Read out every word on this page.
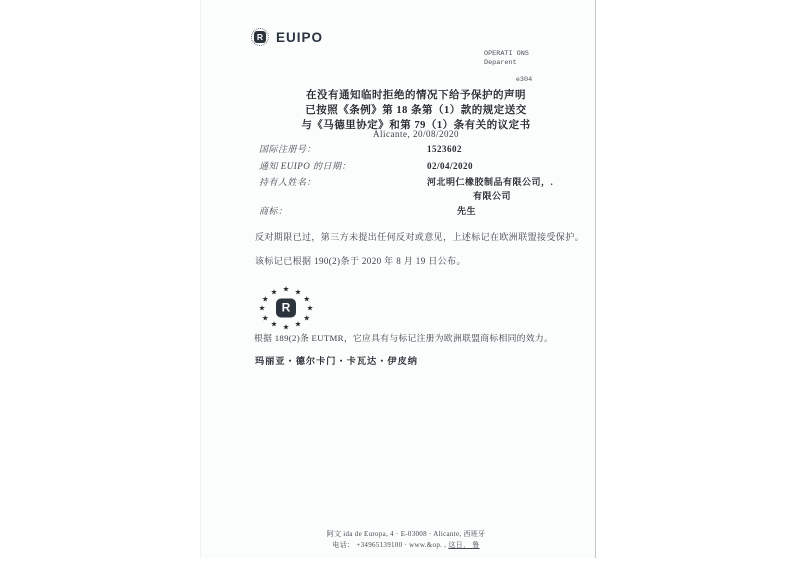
R EUIPO
OPERATI ONS Deparent
e304
在没有通知临时拒绝的情况下给予保护的声明
已按照《条例》第 18 条第（1）款的规定送交
与《马德里协定》和第 79（1）条有关的议定书
Alicante, 20/08/2020
国际注册号：	1523602
通知 EUIPO 的日期：	02/04/2020
持有人姓名：	河北明仁橡胶制品有限公司，.
有限公司
商标：	先生
反对期限已过，第三方未提出任何反对或意见，上述标记在欧洲联盟接受保护。
该标记已根据 190(2)条于 2020 年 8 月 19 日公布。
R
★ ★
★
★
★
★
★
★
★
★
★
★
根据 189(2)条 EUTMR，它应具有与标记注册为欧洲联盟商标相同的效力。
玛丽亚・德尔卡门・卡瓦达・伊皮纳
阿文 ida de Europa, 4 · E-03008 · Alicante, 西班牙
电话： +34965139100 · www.&op. , 这日， 鲁
